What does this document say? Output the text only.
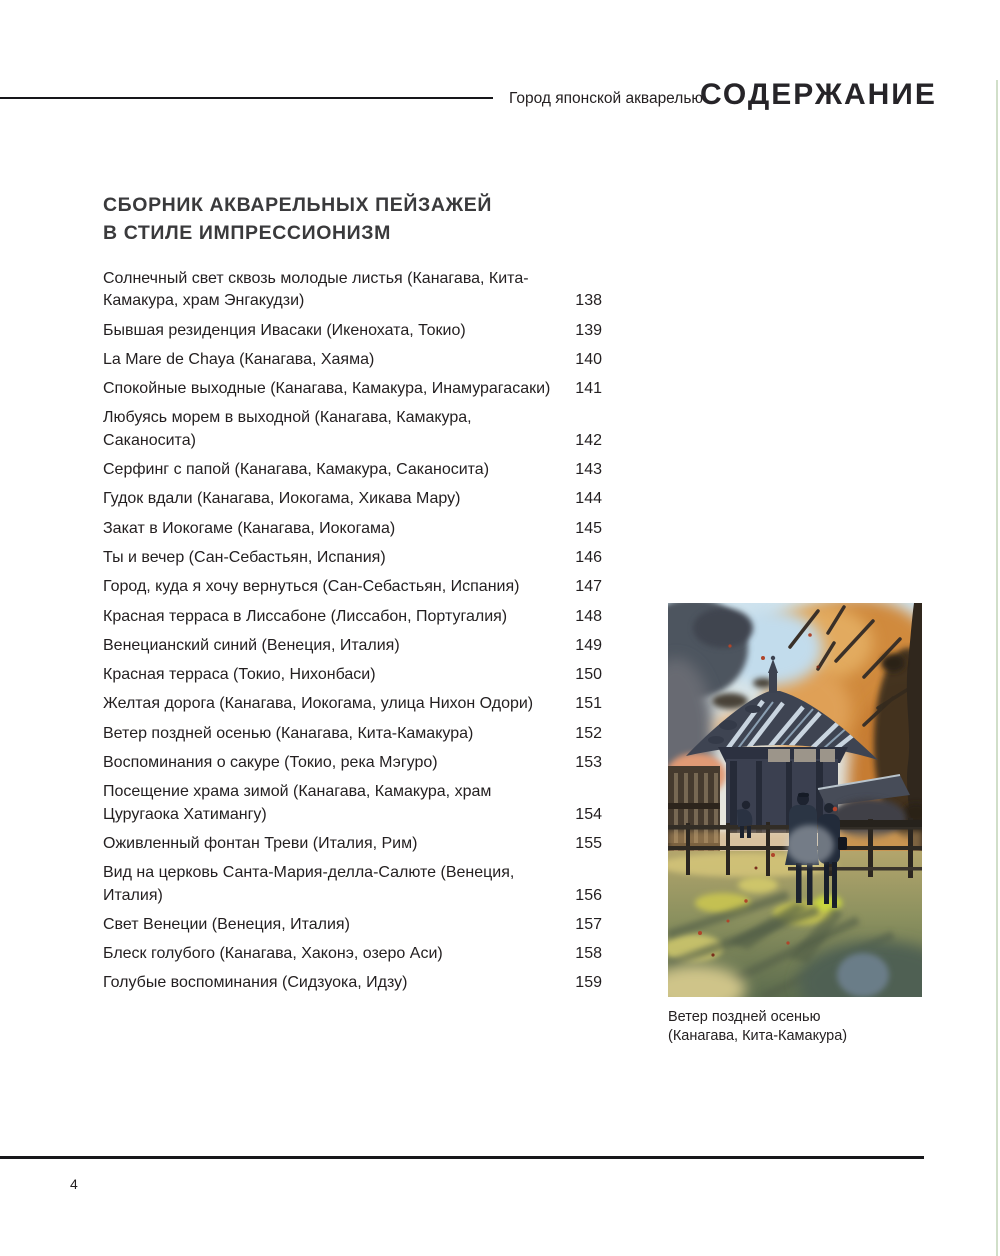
Город японской акварелью
СОДЕРЖАНИЕ
СБОРНИК АКВАРЕЛЬНЫХ ПЕЙЗАЖЕЙ
В СТИЛЕ ИМПРЕССИОНИЗМ
Солнечный свет сквозь молодые листья (Канагава, Кита-Камакура, храм Энгакудзи)	138
Бывшая резиденция Ивасаки (Икенохата, Токио)	139
La Mare de Chaya (Канагава, Хаяма)	140
Спокойные выходные (Канагава, Камакура, Инамурагасаки)	141
Любуясь морем в выходной (Канагава, Камакура, Саканосита)	142
Серфинг с папой (Канагава, Камакура, Саканосита)	143
Гудок вдали (Канагава, Иокогама, Хикава Мару)	144
Закат в Иокогаме (Канагава, Иокогама)	145
Ты и вечер (Сан-Себастьян, Испания)	146
Город, куда я хочу вернуться (Сан-Себастьян, Испания)	147
Красная терраса в Лиссабоне (Лиссабон, Португалия)	148
Венецианский синий (Венеция, Италия)	149
Красная терраса (Токио, Нихонбаси)	150
Желтая дорога (Канагава, Иокогама, улица Нихон Одори)	151
Ветер поздней осенью (Канагава, Кита-Камакура)	152
Воспоминания о сакуре (Токио, река Мэгуро)	153
Посещение храма зимой (Канагава, Камакура, храм Цуругаока Хатимангу)	154
Оживленный фонтан Треви (Италия, Рим)	155
Вид на церковь Санта-Мария-делла-Салюте (Венеция, Италия)	156
Свет Венеции (Венеция, Италия)	157
Блеск голубого (Канагава, Хаконэ, озеро Аси)	158
Голубые воспоминания (Сидзуока, Идзу)	159
Ветер поздней осенью
(Канагава, Кита-Камакура)
4
